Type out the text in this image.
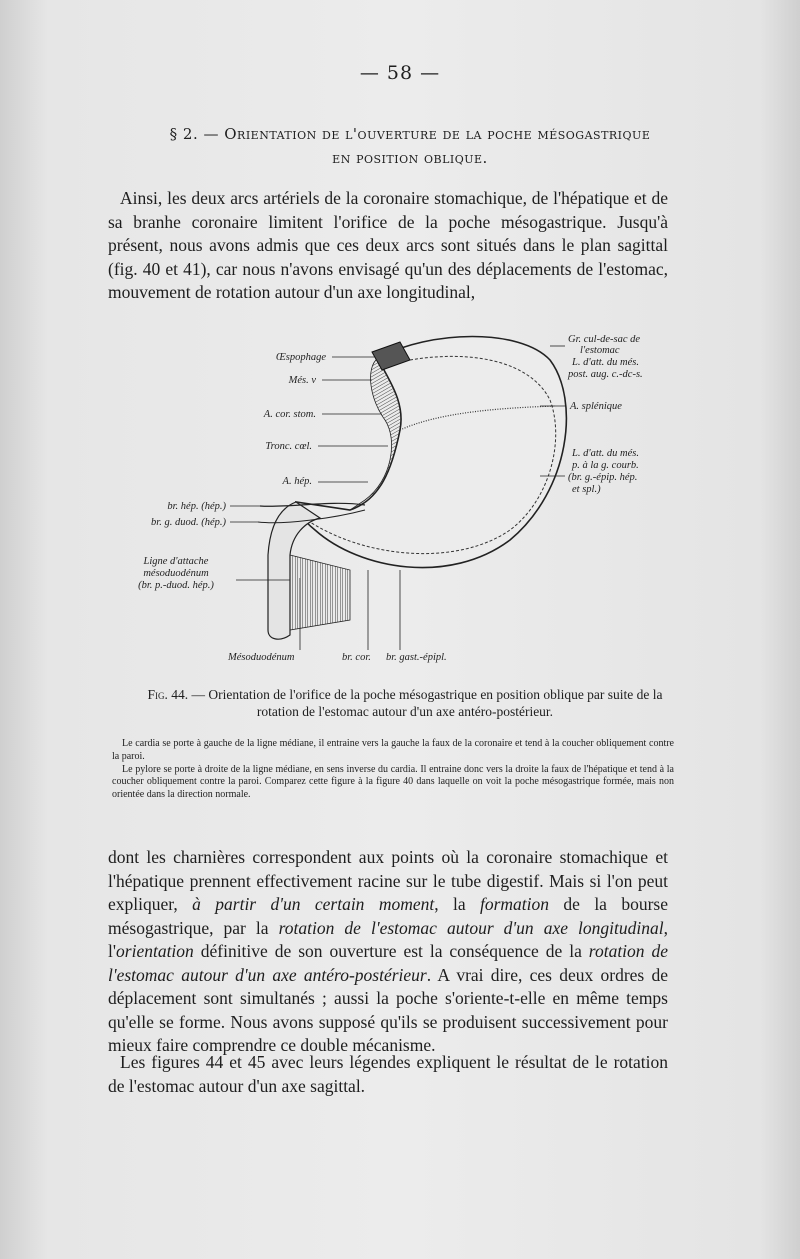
— 58 —
§ 2. — Orientation de l'ouverture de la poche mésogastrique
en position oblique.

Ainsi, les deux arcs artériels de la coronaire stomachique, de l'hépatique et de sa branhe coronaire limitent l'orifice de la poche mésogastrique. Jusqu'à présent, nous avons admis que ces deux arcs sont situés dans le plan sagittal (fig. 40 et 41), car nous n'avons envisagé qu'un des déplacements de l'estomac, mouvement de rotation autour d'un axe longitudinal,

Œspophage
Més. v
A. cor. stom.
Tronc. cœl.
A. hép.
br. hép. (hép.)
br. g. duod. (hép.)
Ligne d'attache
mésoduodénum
(br. p.-duod. hép.)
Gr. cul-de-sac de
l'estomac
L. d'att. du més.
post. aug. c.-dc-s.
A. splénique
L. d'att. du més.
p. à la g. courb.
(br. g.-épip. hép.
et spl.)
Mésoduodénum	br. cor. br. gast.-épipl.
Fig. 44. — Orientation de l'orifice de la poche mésogastrique en position oblique par suite de la rotation de l'estomac autour d'un axe antéro-postérieur.

Le cardia se porte à gauche de la ligne médiane, il entraine vers la gauche la faux de la coronaire et tend à la coucher obliquement contre la paroi.

Le pylore se porte à droite de la ligne médiane, en sens inverse du cardia. Il entraine donc vers la droite la faux de l'hépatique et tend à la coucher obliquement contre la paroi. Comparez cette figure à la figure 40 dans laquelle on voit la poche mésogastrique formée, mais non orientée dans la direction normale.

dont les charnières correspondent aux points où la coronaire stomachique et l'hépatique prennent effectivement racine sur le tube digestif. Mais si l'on peut expliquer, à partir d'un certain moment, la formation de la bourse mésogastrique, par la rotation de l'estomac autour d'un axe longitudinal, l'orientation définitive de son ouverture est la conséquence de la rotation de l'estomac autour d'un axe antéro-postérieur. A vrai dire, ces deux ordres de déplacement sont simultanés ; aussi la poche s'oriente-t-elle en même temps qu'elle se forme. Nous avons supposé qu'ils se produisent successivement pour mieux faire comprendre ce double mécanisme.

Les figures 44 et 45 avec leurs légendes expliquent le résultat de le rotation de l'estomac autour d'un axe sagittal.
